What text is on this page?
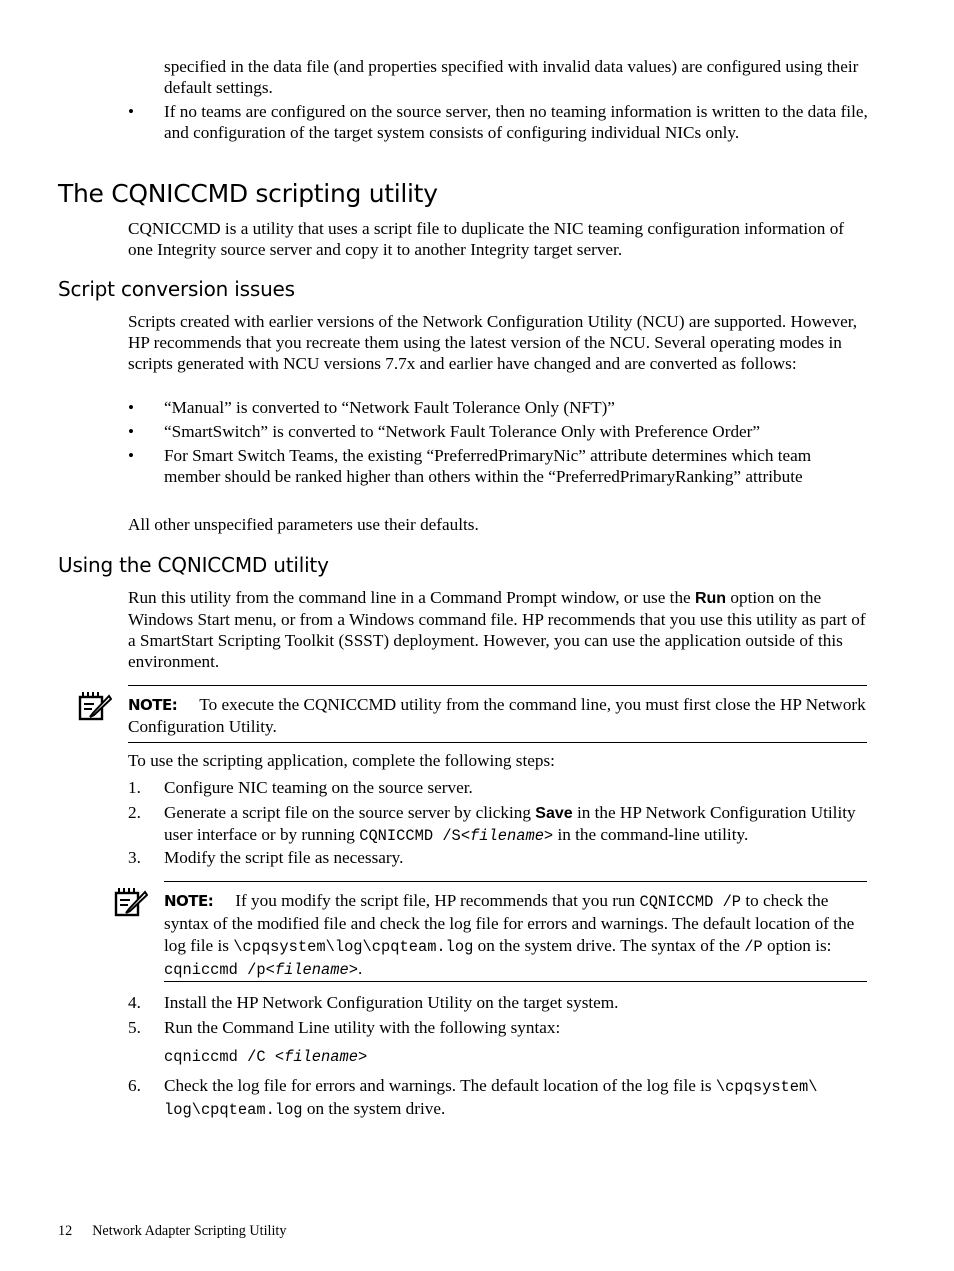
specified in the data file (and properties specified with invalid data values) are configured using their default settings.
•	If no teams are configured on the source server, then no teaming information is written to the data file, and configuration of the target system consists of configuring individual NICs only.
The CQNICCMD scripting utility
CQNICCMD is a utility that uses a script file to duplicate the NIC teaming configuration information of one Integrity source server and copy it to another Integrity target server.
Script conversion issues
Scripts created with earlier versions of the Network Configuration Utility (NCU) are supported. However, HP recommends that you recreate them using the latest version of the NCU. Several operating modes in scripts generated with NCU versions 7.7x and earlier have changed and are converted as follows:
•	“Manual” is converted to “Network Fault Tolerance Only (NFT)”
•	“SmartSwitch” is converted to “Network Fault Tolerance Only with Preference Order”
•	For Smart Switch Teams, the existing “PreferredPrimaryNic” attribute determines which team member should be ranked higher than others within the “PreferredPrimaryRanking” attribute
All other unspecified parameters use their defaults.
Using the CQNICCMD utility
Run this utility from the command line in a Command Prompt window, or use the Run option on the Windows Start menu, or from a Windows command file. HP recommends that you use this utility as part of a SmartStart Scripting Toolkit (SSST) deployment. However, you can use the application outside of this environment.
NOTE: To execute the CQNICCMD utility from the command line, you must first close the HP Network Configuration Utility.
To use the scripting application, complete the following steps:
1. Configure NIC teaming on the source server.
2. Generate a script file on the source server by clicking Save in the HP Network Configuration Utility user interface or by running CQNICCMD /S<filename> in the command-line utility.
3. Modify the script file as necessary.
NOTE: If you modify the script file, HP recommends that you run CQNICCMD /P to check the syntax of the modified file and check the log file for errors and warnings. The default location of the log file is \cpqsystem\log\cpqteam.log on the system drive. The syntax of the /P option is: cqniccmd /p<filename>.
4. Install the HP Network Configuration Utility on the target system.
5. Run the Command Line utility with the following syntax:
cqniccmd /C <filename>
6. Check the log file for errors and warnings. The default location of the log file is \cpqsystem\
log\cpqteam.log on the system drive.
12 Network Adapter Scripting Utility
